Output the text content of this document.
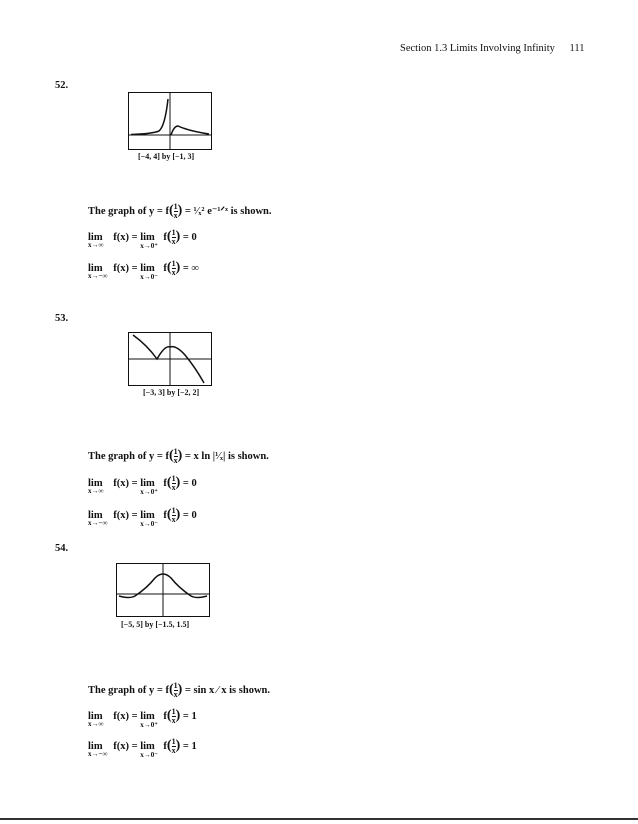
Section 1.3 Limits Involving Infinity 111
52.
[−4, 4] by [−1, 3]
The graph of $y = f( \frac{1}{x}$ ) = ¹⁄ₓ² e⁻¹ᐟˣ is shown.
lim
x→∞
f(x) = lim
x→0⁺
$f( \frac{1}{x}$ ) = 0
lim
x→−∞
f(x) = lim
x→0⁻
$f( \frac{1}{x}$ ) = ∞
53.
[−3, 3] by [−2, 2]
The graph of $y = f( \frac{1}{x}$ ) = x ln |¹⁄ₓ| is shown.
lim
x→∞
f(x) = lim
x→0⁺
$f( \frac{1}{x}$ ) = 0
lim
x→−∞
f(x) = lim
x→0⁻
$f( \frac{1}{x}$ ) = 0
54.
[−5, 5] by [−1.5, 1.5]
The graph of $y = f( \frac{1}{x}$ ) = sin x ⁄ x is shown.
lim
x→∞
f(x) = lim
x→0⁺
$f( \frac{1}{x}$ ) = 1
lim
x→−∞
f(x) = lim
x→0⁻
$f( \frac{1}{x}$ ) = 1
